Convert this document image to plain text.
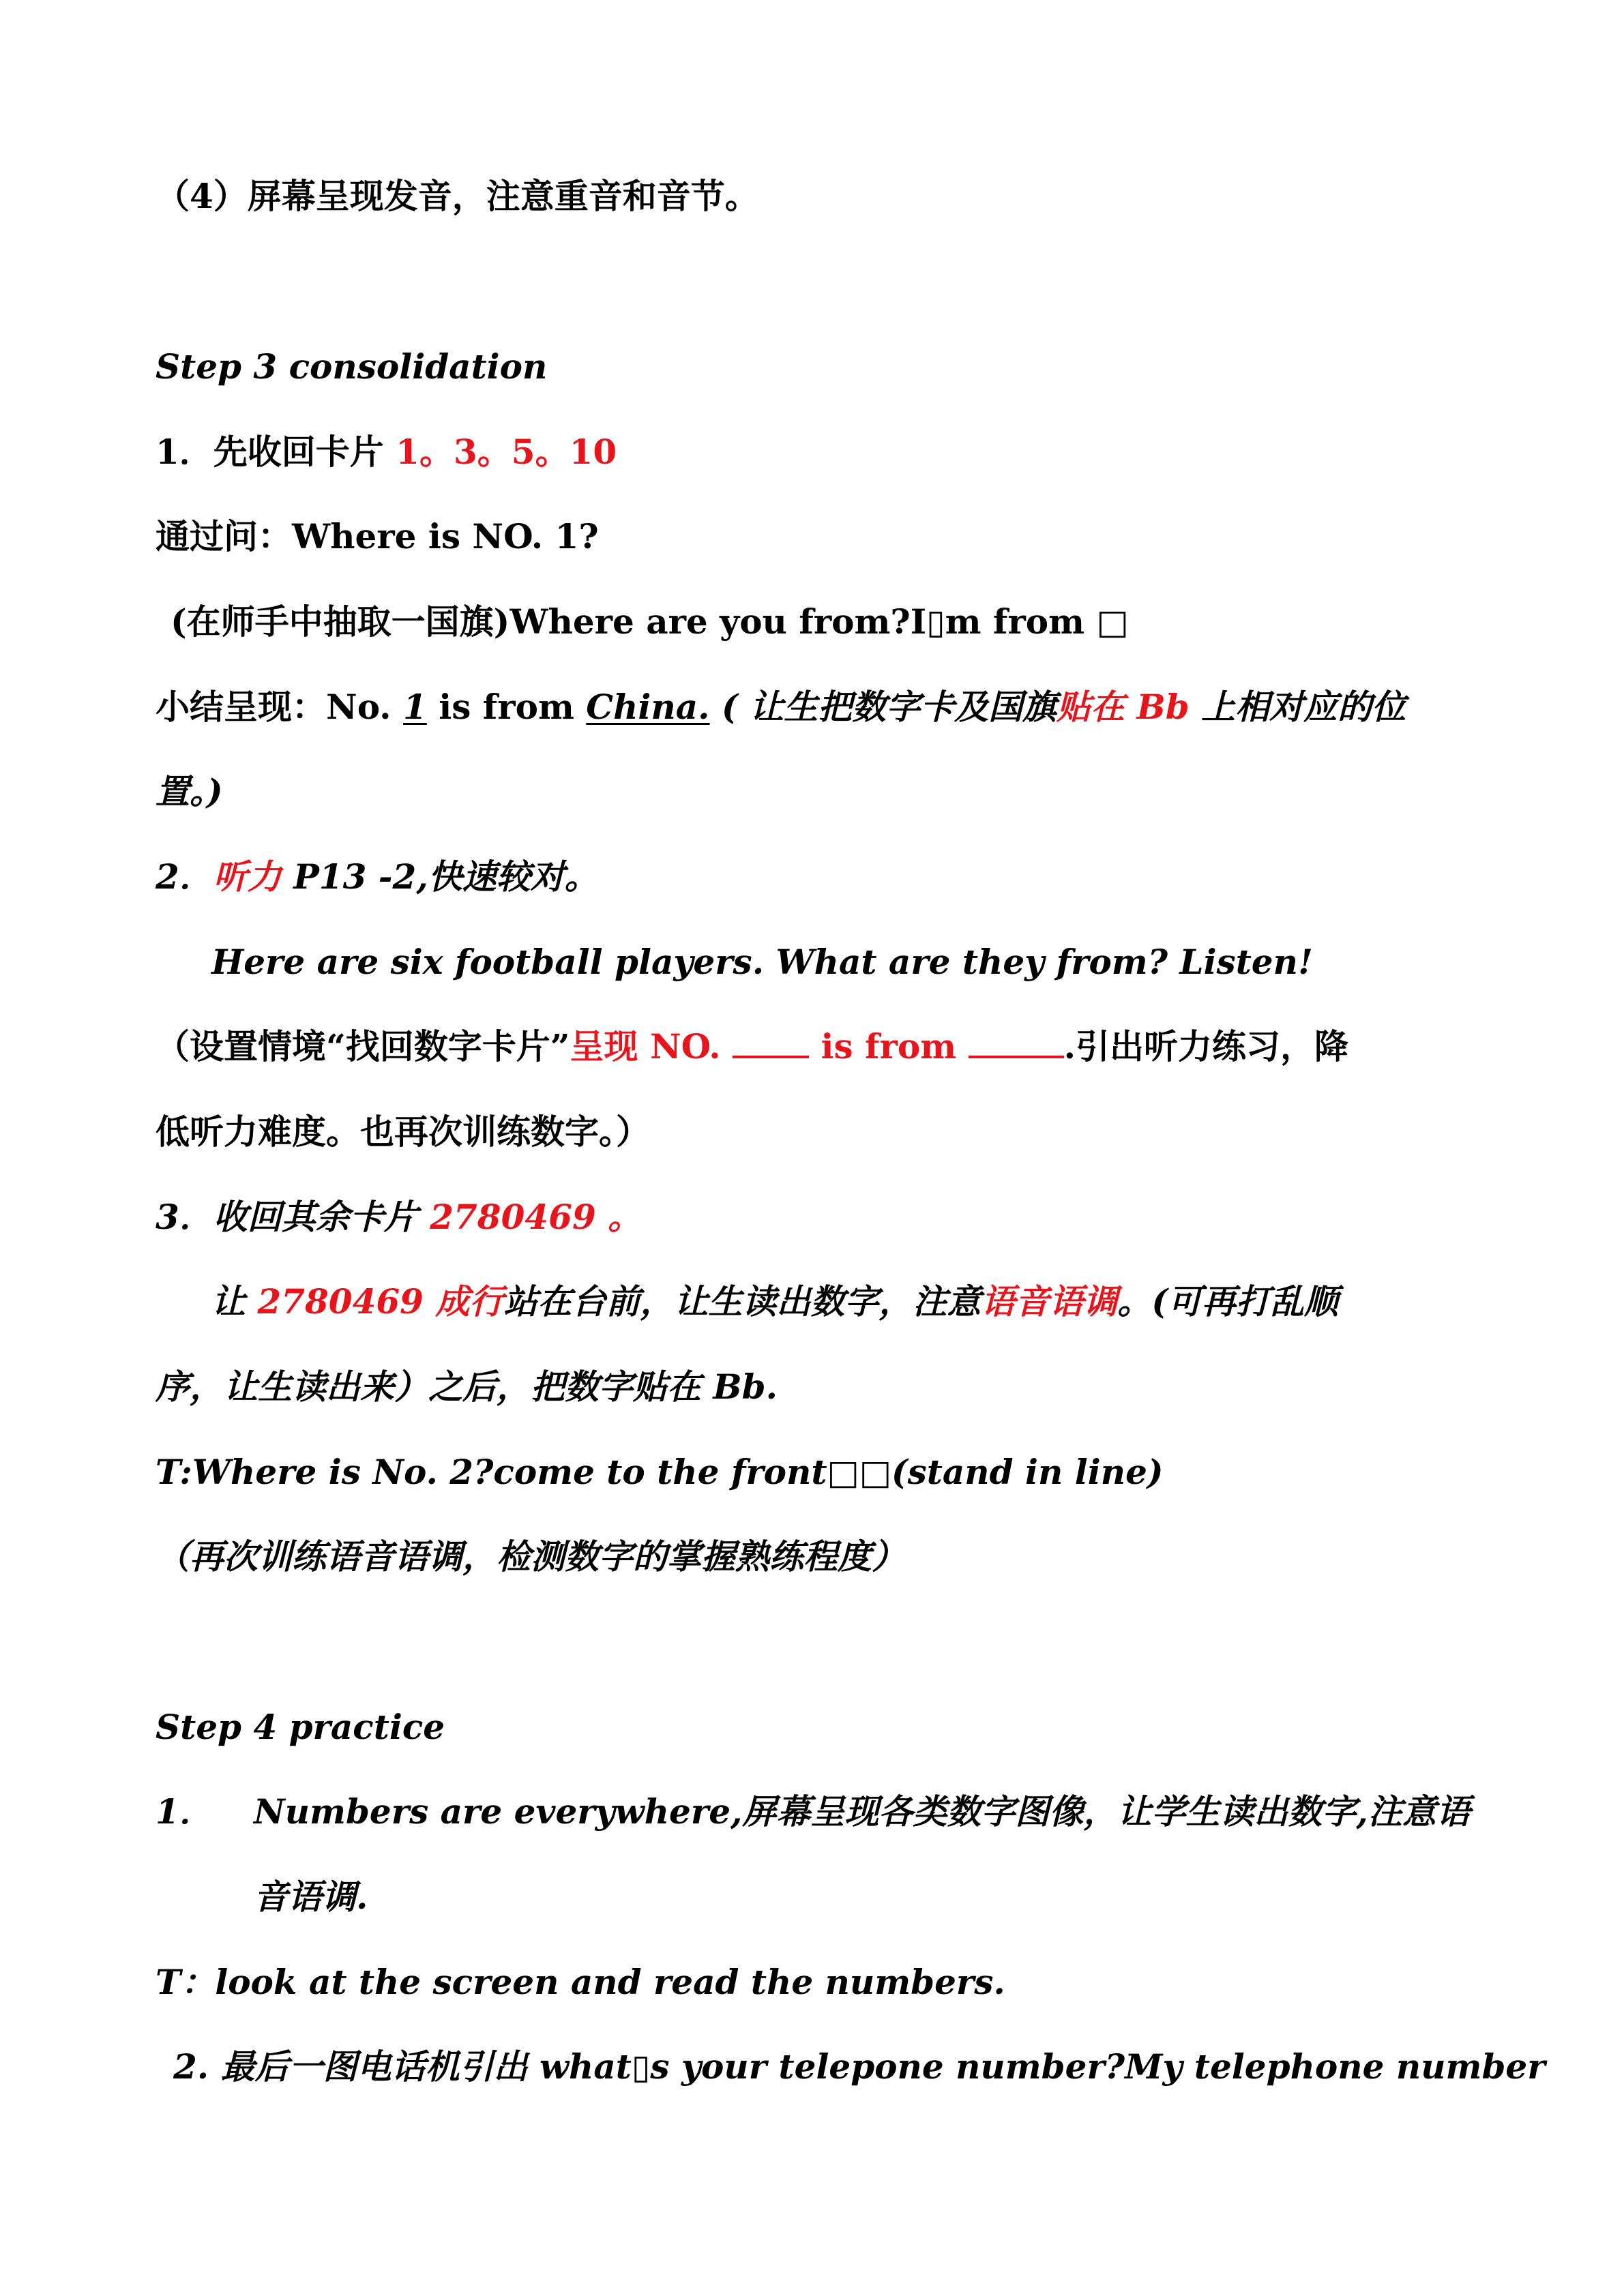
（4）屏幕呈现发音，注意重音和音节。
Step 3 consolidation
1．先收回卡片 1。3。5。10
通过问：Where is NO. 1?
(在师手中抽取一国旗)Where are you from?I▯m from □
小结呈现：No. 1 is from China. ( 让生把数字卡及国旗贴在 Bb 上相对应的位
置。)
2．听力 P13 -2,快速较对。
Here are six football players. What are they from? Listen!
（设置情境“找回数字卡片”呈现 NO.  is from	.引出听力练习，降
低听力难度。也再次训练数字。）
3．收回其余卡片 2780469 。
让 2780469 成行站在台前，让生读出数字，注意语音语调。(可再打乱顺
序，让生读出来）之后，把数字贴在 Bb.
T:Where is No. 2?come to the front□□(stand in line)
（再次训练语音语调，检测数字的掌握熟练程度）
Step 4 practice
1． Numbers are everywhere,屏幕呈现各类数字图像，让学生读出数字,注意语
音语调.
T：look at the screen and read the numbers.
2. 最后一图电话机引出 what▯s your telepone number?My telephone number
